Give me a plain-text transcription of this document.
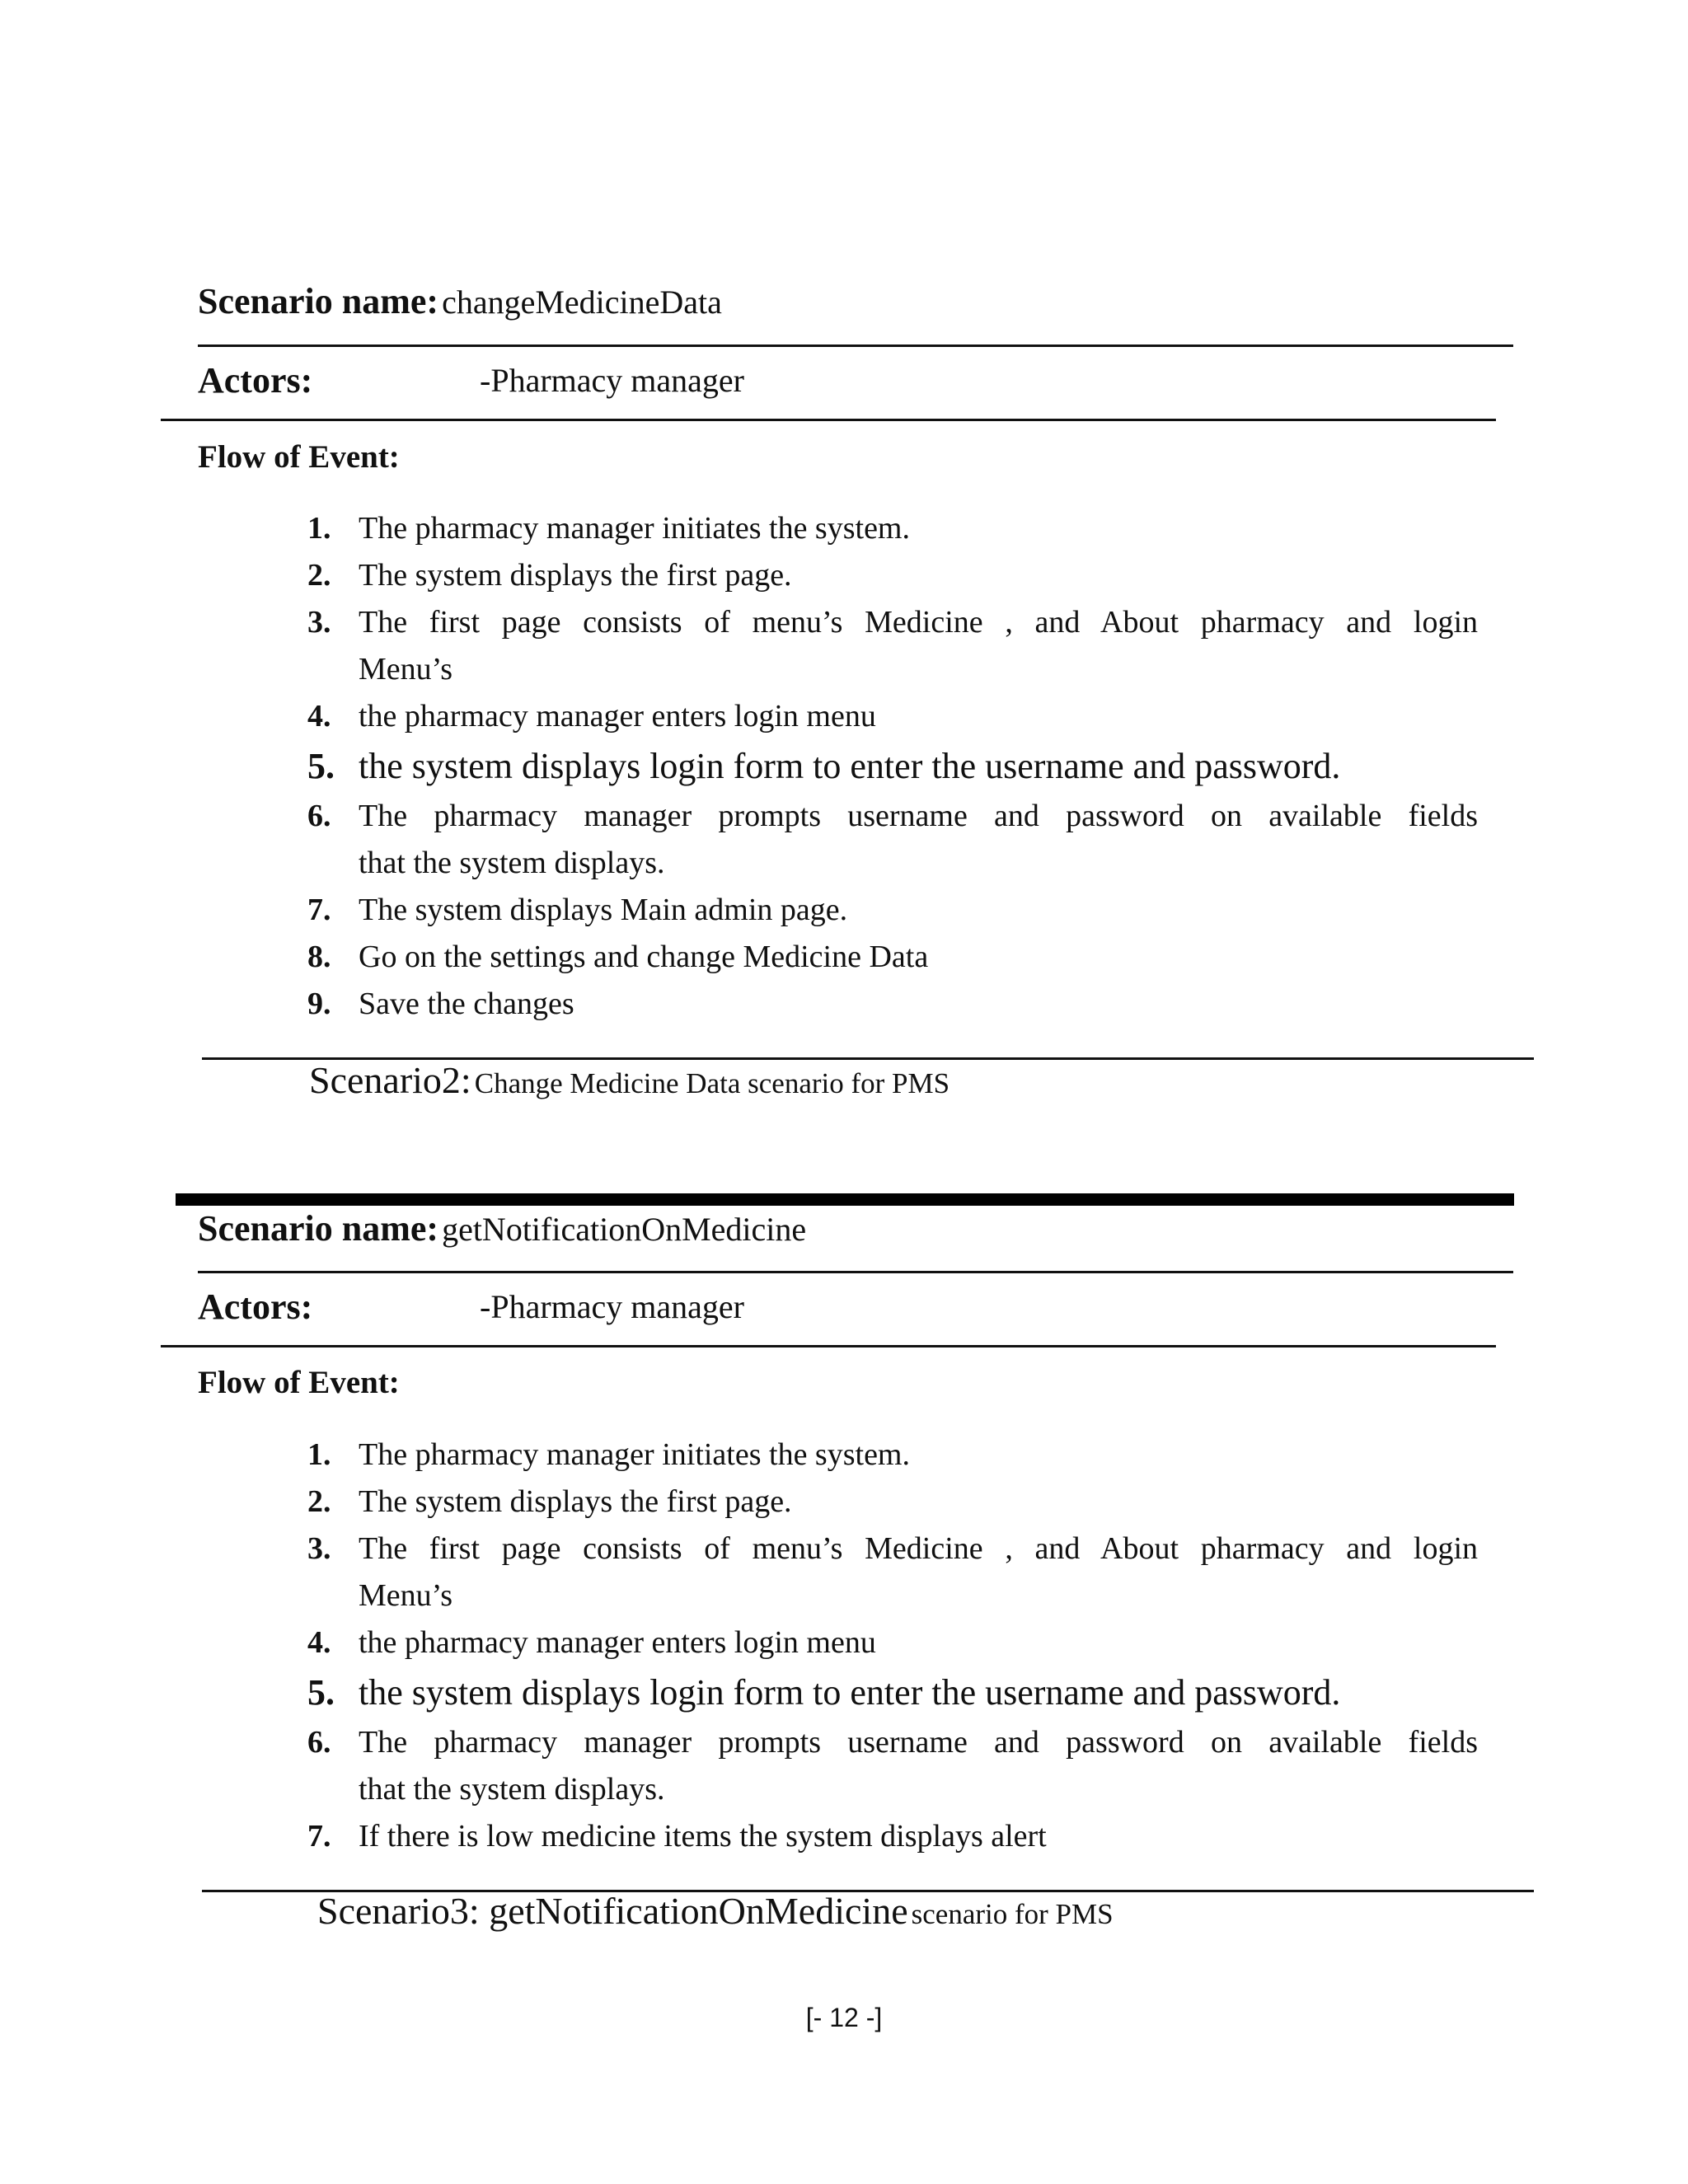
Scenario name: changeMedicineData
Actors:	-Pharmacy manager
Flow of Event:
1. The pharmacy manager initiates the system.
2. The system displays the first page.
3. The first page consists of menu’s Medicine , and About pharmacy and login
Menu’s
4. the pharmacy manager enters login menu
5. the system displays login form to enter the username and password.
6. The pharmacy manager prompts username and password on available fields
that the system displays.
7. The system displays Main admin page.
8. Go on the settings and change Medicine Data
9. Save the changes
Scenario2: Change Medicine Data scenario for PMS
Scenario name: getNotificationOnMedicine
Actors:	-Pharmacy manager
Flow of Event:
1. The pharmacy manager initiates the system.
2. The system displays the first page.
3. The first page consists of menu’s Medicine , and About pharmacy and login
Menu’s
4. the pharmacy manager enters login menu
5. the system displays login form to enter the username and password.
6. The pharmacy manager prompts username and password on available fields
that the system displays.
7. If there is low medicine items the system displays alert
Scenario3: getNotificationOnMedicine scenario for PMS
[- 12 -]
